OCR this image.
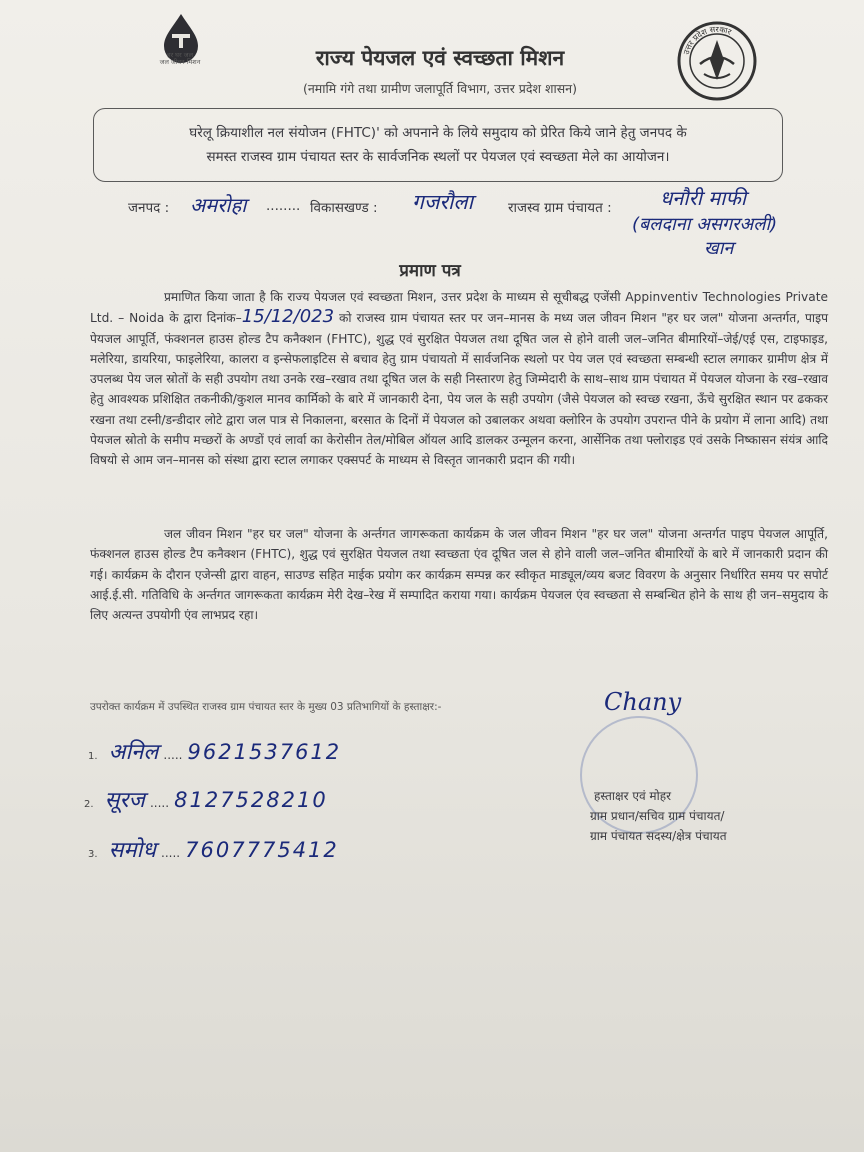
हर घर जल
जल जीवन मिशन	राज्य पेयजल एवं स्वच्छता मिशन
(नमामि गंगे तथा ग्रामीण जलापूर्ति विभाग, उत्तर प्रदेश शासन)
उत्तर प्रदेश सरकार
घरेलू क्रियाशील नल संयोजन (FHTC)' को अपनाने के लिये समुदाय को प्रेरित किये जाने हेतु जनपद के
समस्त राजस्व ग्राम पंचायत स्तर के सार्वजनिक स्थलों पर पेयजल एवं स्वच्छता मेले का आयोजन।
जनपद : अमरोहा ........ विकासखण्ड : गजरौला	राजस्व ग्राम पंचायत : धनौरी माफी
(बलदाना असगरअली)
खान
प्रमाण पत्र

प्रमाणित किया जाता है कि राज्य पेयजल एवं स्वच्छता मिशन, उत्तर प्रदेश के माध्यम से सूचीबद्ध एजेंसी Appinventiv Technologies Private Ltd. – Noida के द्वारा दिनांक–15/12/023 को राजस्व ग्राम पंचायत स्तर पर जन–मानस के मध्य जल जीवन मिशन "हर घर जल" योजना अन्तर्गत, पाइप पेयजल आपूर्ति, फंक्शनल हाउस होल्ड टैप कनैक्शन (FHTC), शुद्ध एवं सुरक्षित पेयजल तथा दूषित जल से होने वाली जल–जनित बीमारियों–जेई/एई एस, टाइफाइड, मलेरिया, डायरिया, फाइलेरिया, कालरा व इन्सेफलाइटिस से बचाव हेतु ग्राम पंचायतो में सार्वजनिक स्थलो पर पेय जल एवं स्वच्छता सम्बन्धी स्टाल लगाकर ग्रामीण क्षेत्र में उपलब्ध पेय जल स्रोतों के सही उपयोग तथा उनके रख–रखाव तथा दूषित जल के सही निस्तारण हेतु जिम्मेदारी के साथ–साथ ग्राम पंचायत में पेयजल योजना के रख–रखाव हेतु आवश्यक प्रशिक्षित तकनीकी/कुशल मानव कार्मिको के बारे में जानकारी देना, पेय जल के सही उपयोग (जैसे पेयजल को स्वच्छ रखना, ऊँचे सुरक्षित स्थान पर ढककर रखना तथा टस्नी/डन्डीदार लोटे द्वारा जल पात्र से निकालना, बरसात के दिनों में पेयजल को उबालकर अथवा क्लोरिन के उपयोग उपरान्त पीने के प्रयोग में लाना आदि) तथा पेयजल स्रोतो के समीप मच्छरों के अण्डों एवं लार्वा का केरोसीन तेल/मोबिल ऑयल आदि डालकर उन्मूलन करना, आर्सेनिक तथा फ्लोराइड एवं उसके निष्कासन संयंत्र आदि विषयो से आम जन–मानस को संस्था द्वारा स्टाल लगाकर एक्सपर्ट के माध्यम से विस्तृत जानकारी प्रदान की गयी।

जल जीवन मिशन "हर घर जल" योजना के अर्न्तगत जागरूकता कार्यक्रम के जल जीवन मिशन "हर घर जल" योजना अन्तर्गत पाइप पेयजल आपूर्ति, फंक्शनल हाउस होल्ड टैप कनैक्शन (FHTC), शुद्ध एवं सुरक्षित पेयजल तथा स्वच्छता एंव दूषित जल से होने वाली जल–जनित बीमारियों के बारे में जानकारी प्रदान की गई। कार्यक्रम के दौरान एजेन्सी द्वारा वाहन, साउण्ड सहित माईक प्रयोग कर कार्यक्रम सम्पन्न कर स्वीकृत माड्यूल/व्यय बजट विवरण के अनुसार निर्धारित समय पर सपोर्ट आई.ई.सी. गतिविधि के अर्न्तगत जागरूकता कार्यक्रम मेरी देख–रेख में सम्पादित कराया गया। कार्यक्रम पेयजल एंव स्वच्छता से सम्बन्धित होने के साथ ही जन–समुदाय के लिए अत्यन्त उपयोगी एंव लाभप्रद रहा।

उपरोक्त कार्यक्रम में उपस्थित राजस्व ग्राम पंचायत स्तर के मुख्य 03 प्रतिभागियों के हस्ताक्षर:-
1. अनिल ..... 9621537612
2. सूरज ..... 8127528210
3. समोध ..... 7607775412
Chany
हस्ताक्षर एवं मोहर
ग्राम प्रधान/सचिव ग्राम पंचायत/
ग्राम पंचायत सदस्य/क्षेत्र पंचायत
